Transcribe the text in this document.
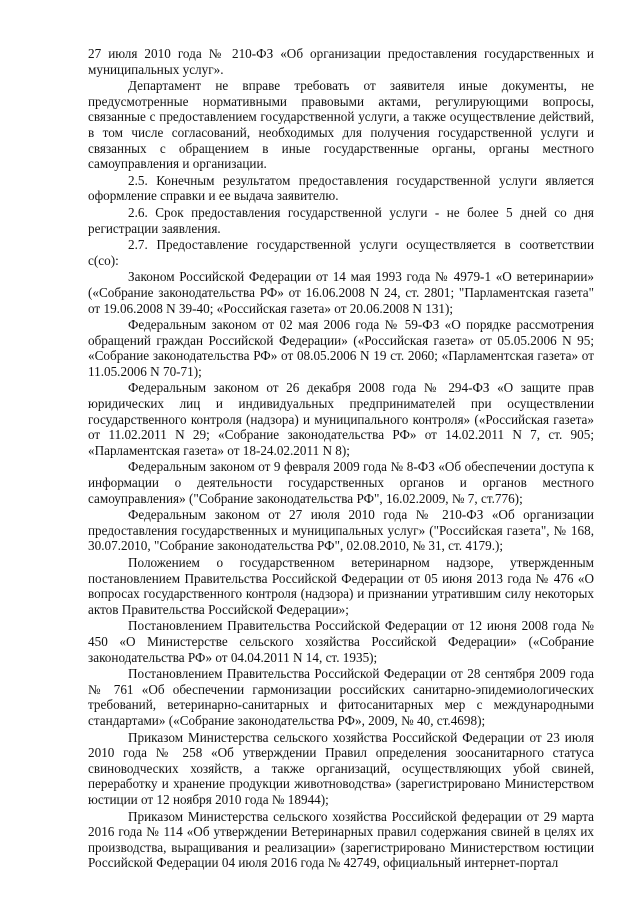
27 июля 2010 года № 210-ФЗ «Об организации предоставления государственных и муниципальных услуг».

Департамент не вправе требовать от заявителя иные документы, не предусмотренные нормативными правовыми актами, регулирующими вопросы, связанные с предоставлением государственной услуги, а также осуществление действий, в том числе согласований, необходимых для получения государственной услуги и связанных с обращением в иные государственные органы, органы местного самоуправления и организации.

2.5. Конечным результатом предоставления государственной услуги является оформление справки и ее выдача заявителю.

2.6. Срок предоставления государственной услуги - не более 5 дней со дня регистрации заявления.

2.7. Предоставление государственной услуги осуществляется в соответствии с(со):

Законом Российской Федерации от 14 мая 1993 года № 4979-1 «О ветеринарии» («Собрание законодательства РФ» от 16.06.2008 N 24, ст. 2801; "Парламентская газета" от 19.06.2008 N 39-40; «Российская газета» от 20.06.2008 N 131);

Федеральным законом от 02 мая 2006 года № 59-ФЗ «О порядке рассмотрения обращений граждан Российской Федерации» («Российская газета» от 05.05.2006 N 95; «Собрание законодательства РФ» от 08.05.2006 N 19 ст. 2060; «Парламентская газета» от 11.05.2006 N 70-71);

Федеральным законом от 26 декабря 2008 года № 294-ФЗ «О защите прав юридических лиц и индивидуальных предпринимателей при осуществлении государственного контроля (надзора) и муниципального контроля» («Российская газета» от 11.02.2011 N 29; «Собрание законодательства РФ» от 14.02.2011 N 7, ст. 905; «Парламентская газета» от 18-24.02.2011 N 8);

Федеральным законом от 9 февраля 2009 года № 8-ФЗ «Об обеспечении доступа к информации о деятельности государственных органов и органов местного самоуправления» ("Собрание законодательства РФ", 16.02.2009, № 7, ст.776);

Федеральным законом от 27 июля 2010 года № 210-ФЗ «Об организации предоставления государственных и муниципальных услуг» ("Российская газета", № 168, 30.07.2010, "Собрание законодательства РФ", 02.08.2010, № 31, ст. 4179.);

Положением о государственном ветеринарном надзоре, утвержденным постановлением Правительства Российской Федерации от 05 июня 2013 года № 476 «О вопросах государственного контроля (надзора) и признании утратившим силу некоторых актов Правительства Российской Федерации»;

Постановлением Правительства Российской Федерации от 12 июня 2008 года № 450 «О Министерстве сельского хозяйства Российской Федерации» («Собрание законодательства РФ» от 04.04.2011 N 14, ст. 1935);

Постановлением Правительства Российской Федерации от 28 сентября 2009 года № 761 «Об обеспечении гармонизации российских санитарно-эпидемиологических требований, ветеринарно-санитарных и фитосанитарных мер с международными стандартами» («Собрание законодательства РФ», 2009, № 40, ст.4698);

Приказом Министерства сельского хозяйства Российской Федерации от 23 июля 2010 года № 258 «Об утверждении Правил определения зоосанитарного статуса свиноводческих хозяйств, а также организаций, осуществляющих убой свиней, переработку и хранение продукции животноводства» (зарегистрировано Министерством юстиции от 12 ноября 2010 года № 18944);

Приказом Министерства сельского хозяйства Российской федерации от 29 марта 2016 года № 114 «Об утверждении Ветеринарных правил содержания свиней в целях их производства, выращивания и реализации» (зарегистрировано Министерством юстиции Российской Федерации 04 июля 2016 года № 42749, официальный интернет-портал
